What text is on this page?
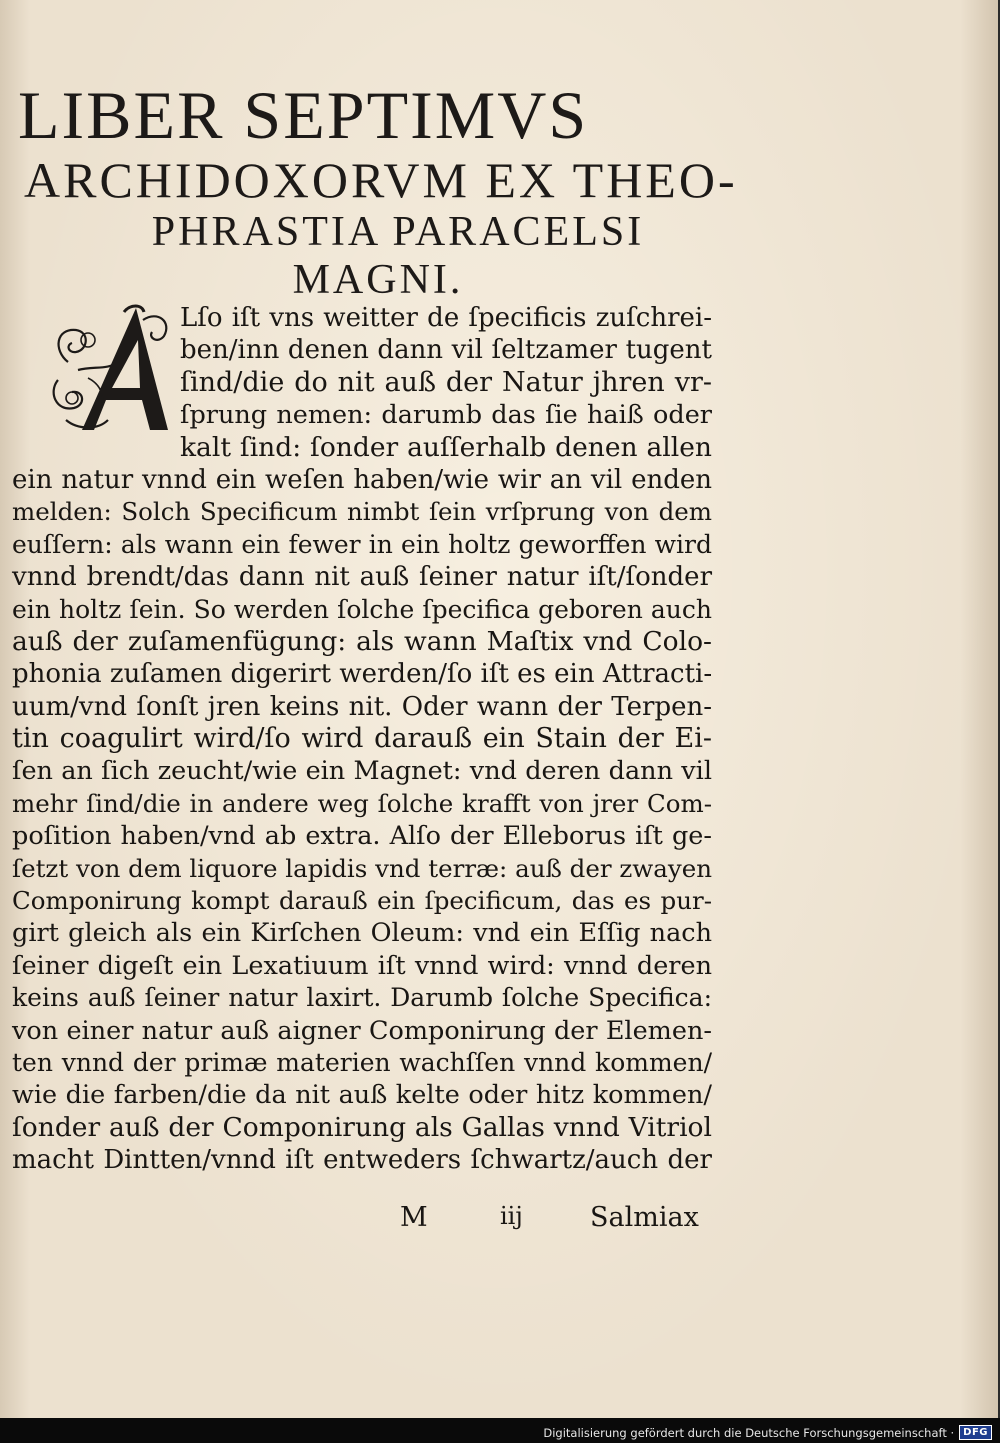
LIBER SEPTIMVS
ARCHIDOXORVM EX THEO-
PHRASTIA PARACELSI
MAGNI.
Lſo iſt vns weitter de ſpecificis zuſchrei-
ben/inn denen dann vil ſeltzamer tugent
ſind/die do nit auß der Natur jhren vr-
ſprung nemen: darumb das ſie haiß oder
kalt ſind: ſonder auſſerhalb denen allen
ein natur vnnd ein weſen haben/wie wir an vil enden
melden: Solch Specificum nimbt ſein vrſprung von dem
euſſern: als wann ein fewer in ein holtz geworffen wird
vnnd brendt/das dann nit auß ſeiner natur iſt/ſonder
ein holtz ſein. So werden ſolche ſpecifica geboren auch
auß der zuſamenfügung: als wann Maſtix vnd Colo-
phonia zuſamen digerirt werden/ſo iſt es ein Attracti-
uum/vnd ſonſt jren keins nit. Oder wann der Terpen-
tin coagulirt wird/ſo wird darauß ein Stain der Ei-
ſen an ſich zeucht/wie ein Magnet: vnd deren dann vil
mehr ſind/die in andere weg ſolche krafft von jrer Com-
poſition haben/vnd ab extra. Alſo der Elleborus iſt ge-
ſetzt von dem liquore lapidis vnd terræ: auß der zwayen
Componirung kompt darauß ein ſpecificum, das es pur-
girt gleich als ein Kirſchen Oleum: vnd ein Eſſig nach
ſeiner digeſt ein Lexatiuum iſt vnnd wird: vnnd deren
keins auß ſeiner natur laxirt. Darumb ſolche Specifica:
von einer natur auß aigner Componirung der Elemen-
ten vnnd der primæ materien wachſſen vnnd kommen/
wie die farben/die da nit auß kelte oder hitz kommen/
ſonder auß der Componirung als Gallas vnnd Vitriol
macht Dintten/vnnd iſt entweders ſchwartz/auch der
M	iij Salmiax
Digitalisierung gefördert durch die Deutsche Forschungsgemeinschaft · DFG
